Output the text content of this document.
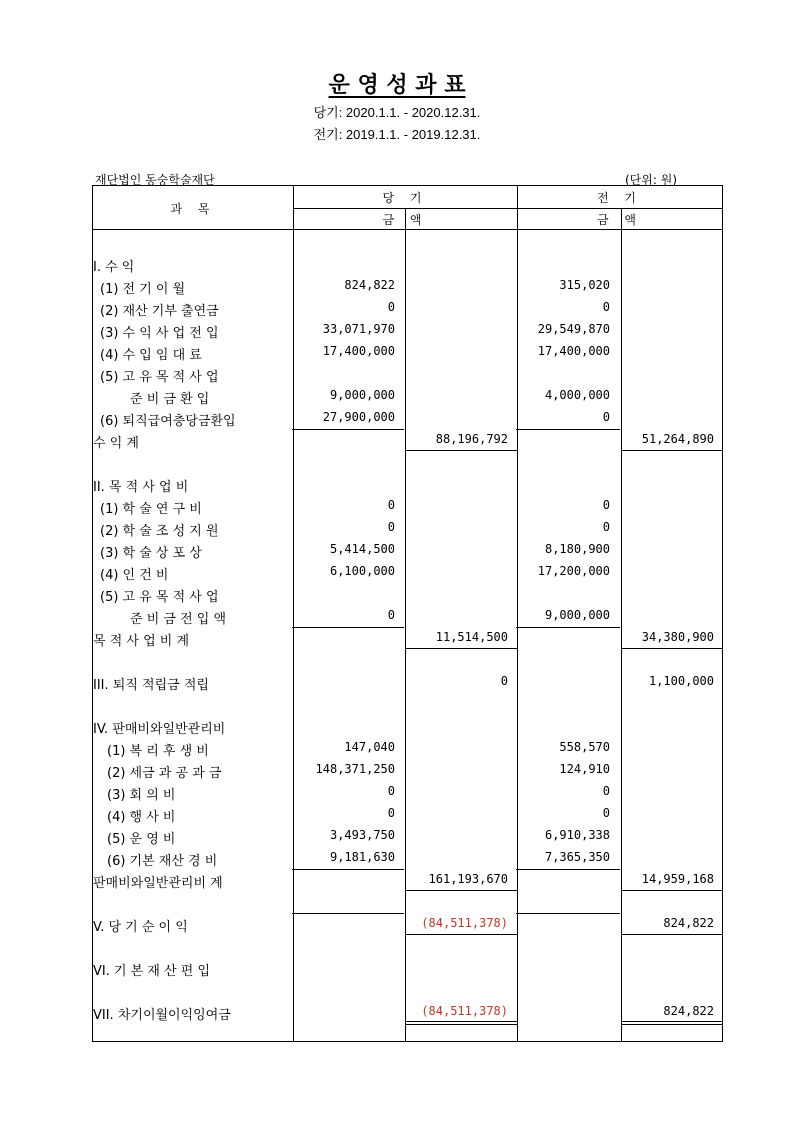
운 영 성 과 표
당기: 2020.1.1. - 2020.12.31.
전기: 2019.1.1. - 2019.12.31.
재단법인 동숭학술재단	(단위: 원)
과 목
당 기	전 기
금 액	금 액
I. 수 익
(1) 전 기 이 월	824,822	315,020
(2) 재산 기부 출연금	0	0
(3) 수 익 사 업 전 입	33,071,970	29,549,870
(4) 수 입 임 대 료	17,400,000	17,400,000
(5) 고 유 목 적 사 업
준 비 금 환 입	9,000,000	4,000,000
(6) 퇴직급여충당금환입	27,900,000	0
수 익 계	88,196,792	51,264,890
II. 목 적 사 업 비
(1) 학 술 연 구 비	0	0
(2) 학 술 조 성 지 원	0	0
(3) 학 술 상 포 상	5,414,500	8,180,900
(4) 인 건 비	6,100,000	17,200,000
(5) 고 유 목 적 사 업
준 비 금 전 입 액	0	9,000,000
목 적 사 업 비 계	11,514,500	34,380,900
III. 퇴직 적립금 적립	0	1,100,000
IV. 판매비와일반관리비
(1) 복 리 후 생 비	147,040	558,570
(2) 세금 과 공 과 금	148,371,250	124,910
(3) 회 의 비	0	0
(4) 행 사 비	0	0
(5) 운 영 비	3,493,750	6,910,338
(6) 기본 재산 경 비	9,181,630	7,365,350
판매비와일반관리비 계	161,193,670	14,959,168
V. 당 기 순 이 익	(84,511,378)	824,822
VI. 기 본 재 산 편 입
VII. 차기이월이익잉여금	(84,511,378)	824,822
